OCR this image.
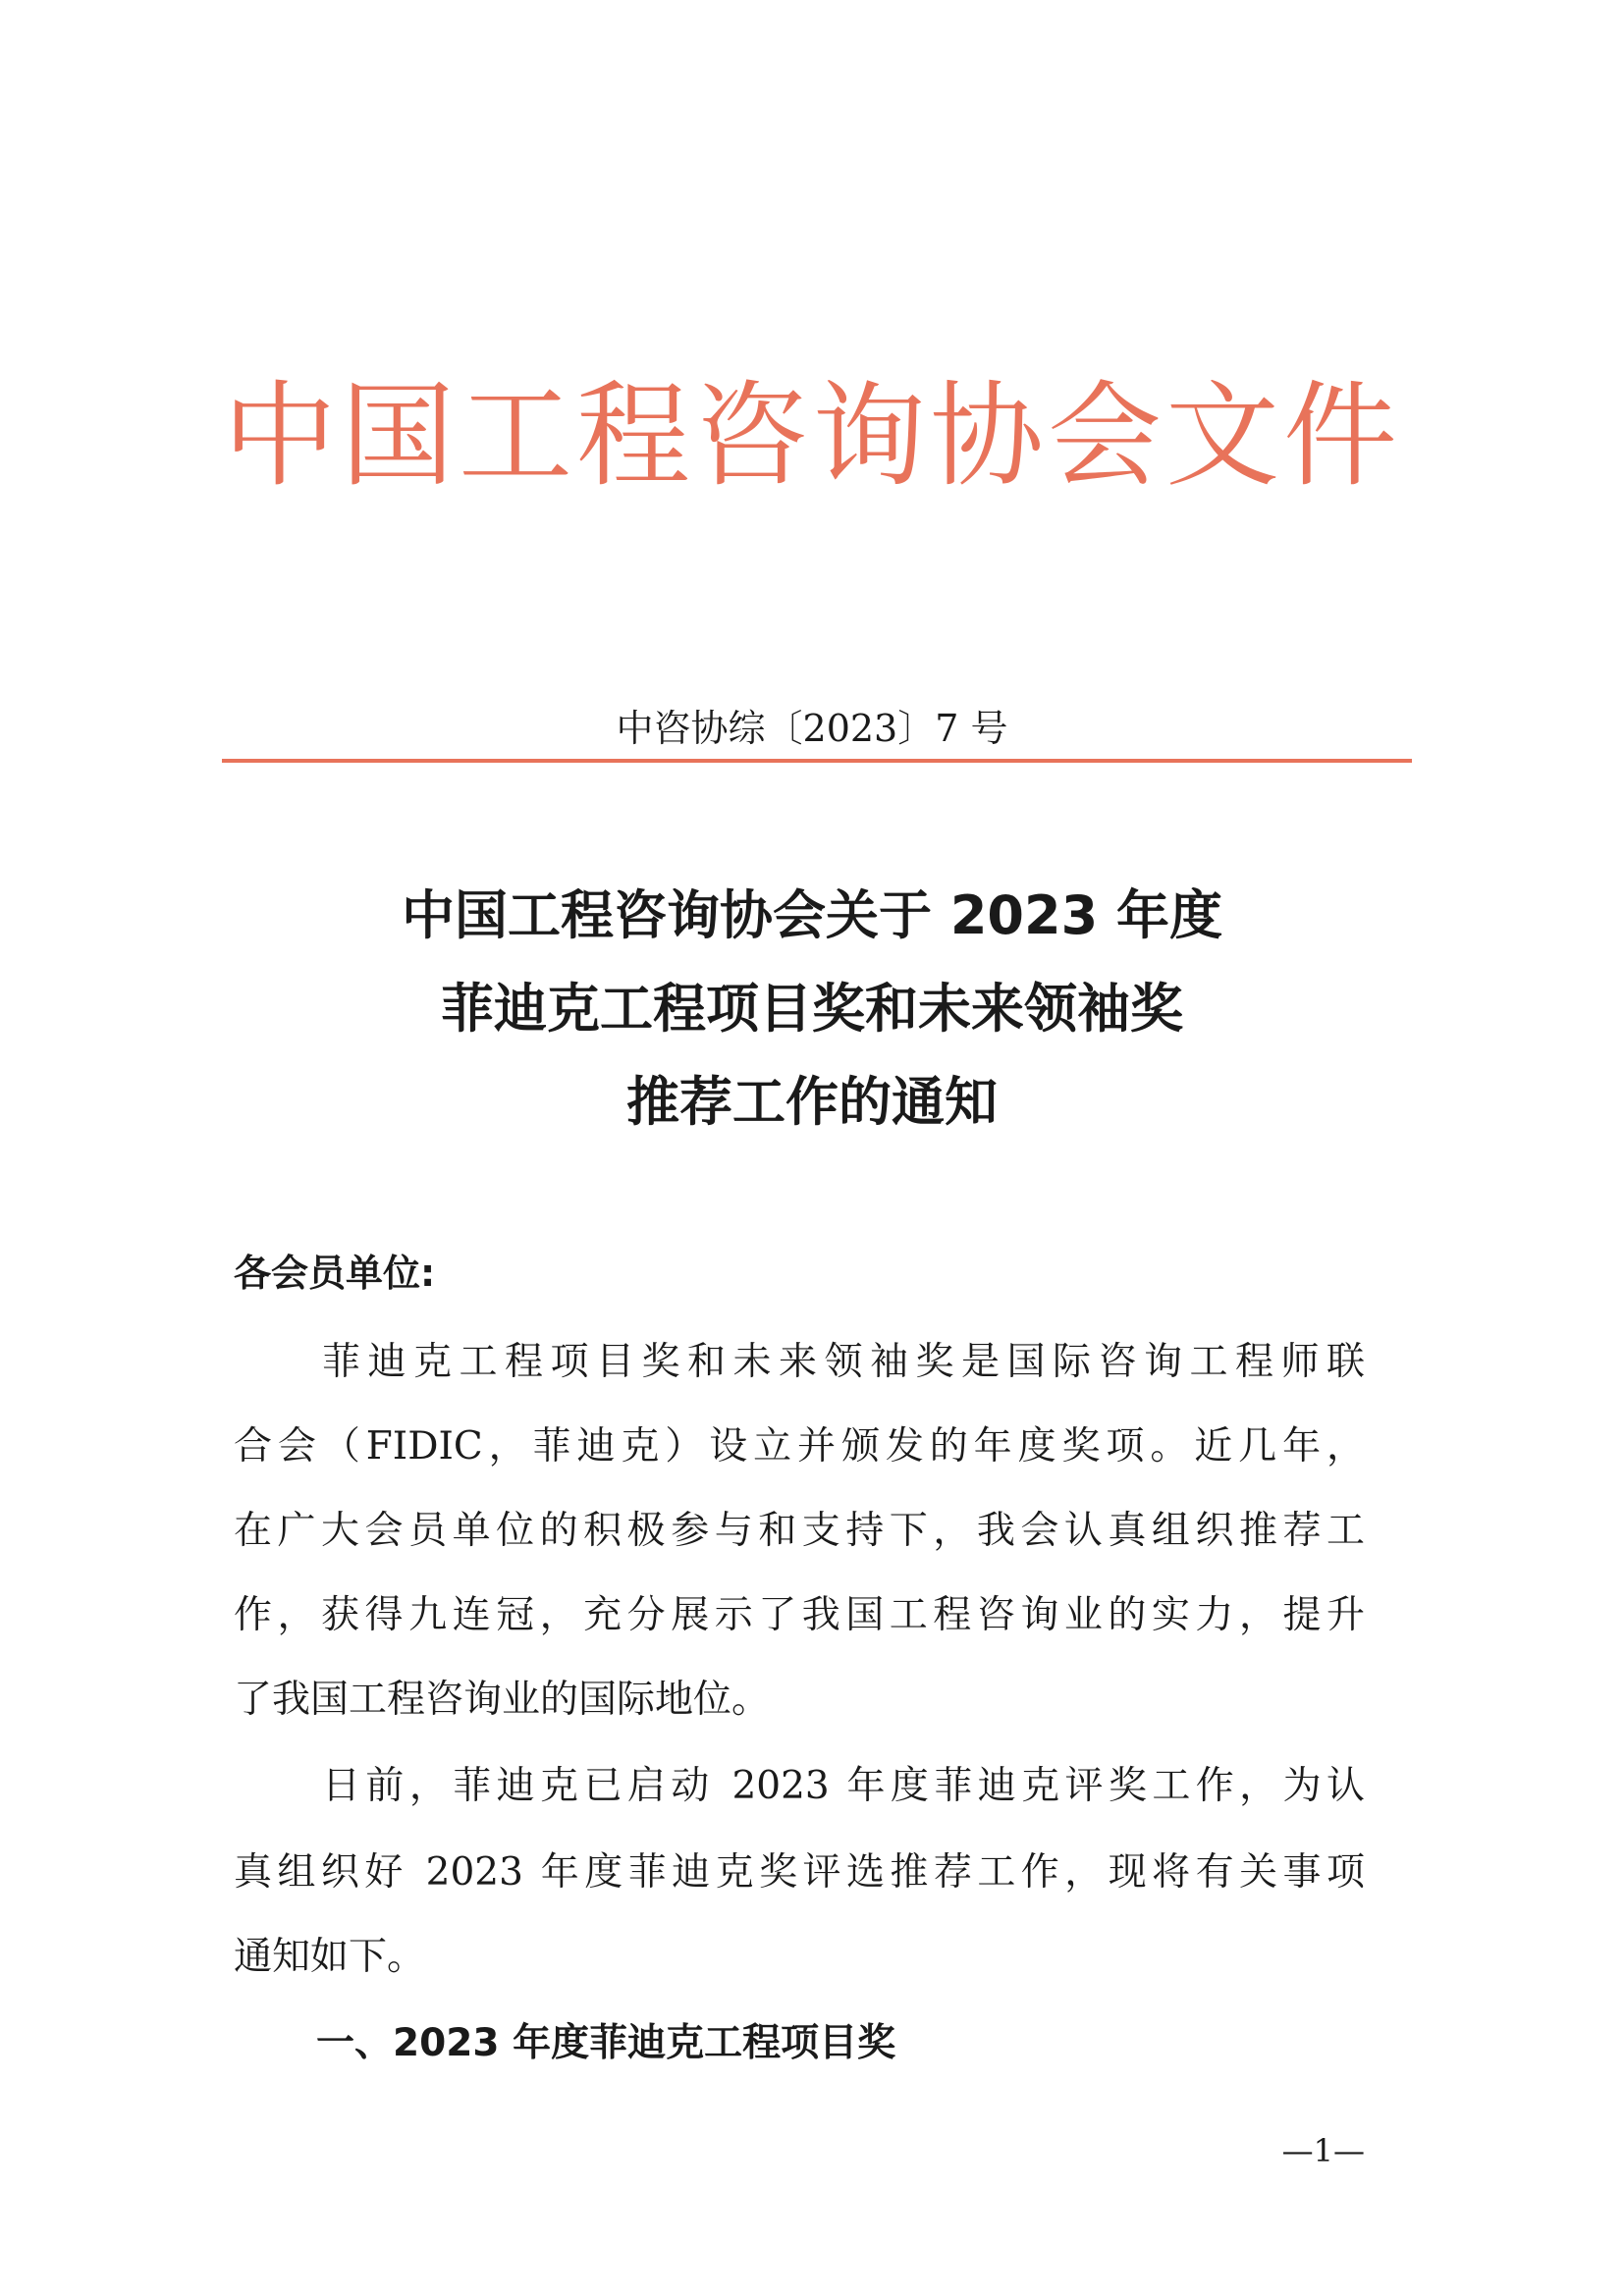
中国工程咨询协会文件
中咨协综〔2023〕7 号
中国工程咨询协会关于 2023 年度
菲迪克工程项目奖和未来领袖奖
推荐工作的通知
各会员单位:
菲迪克工程项目奖和未来领袖奖是国际咨询工程师联
合会（FIDIC，菲迪克）设立并颁发的年度奖项。近几年，
在广大会员单位的积极参与和支持下，我会认真组织推荐工
作，获得九连冠，充分展示了我国工程咨询业的实力，提升
了我国工程咨询业的国际地位。
日前，菲迪克已启动 2023 年度菲迪克评奖工作，为认
真组织好 2023 年度菲迪克奖评选推荐工作，现将有关事项
通知如下。
一、2023 年度菲迪克工程项目奖
—1—
